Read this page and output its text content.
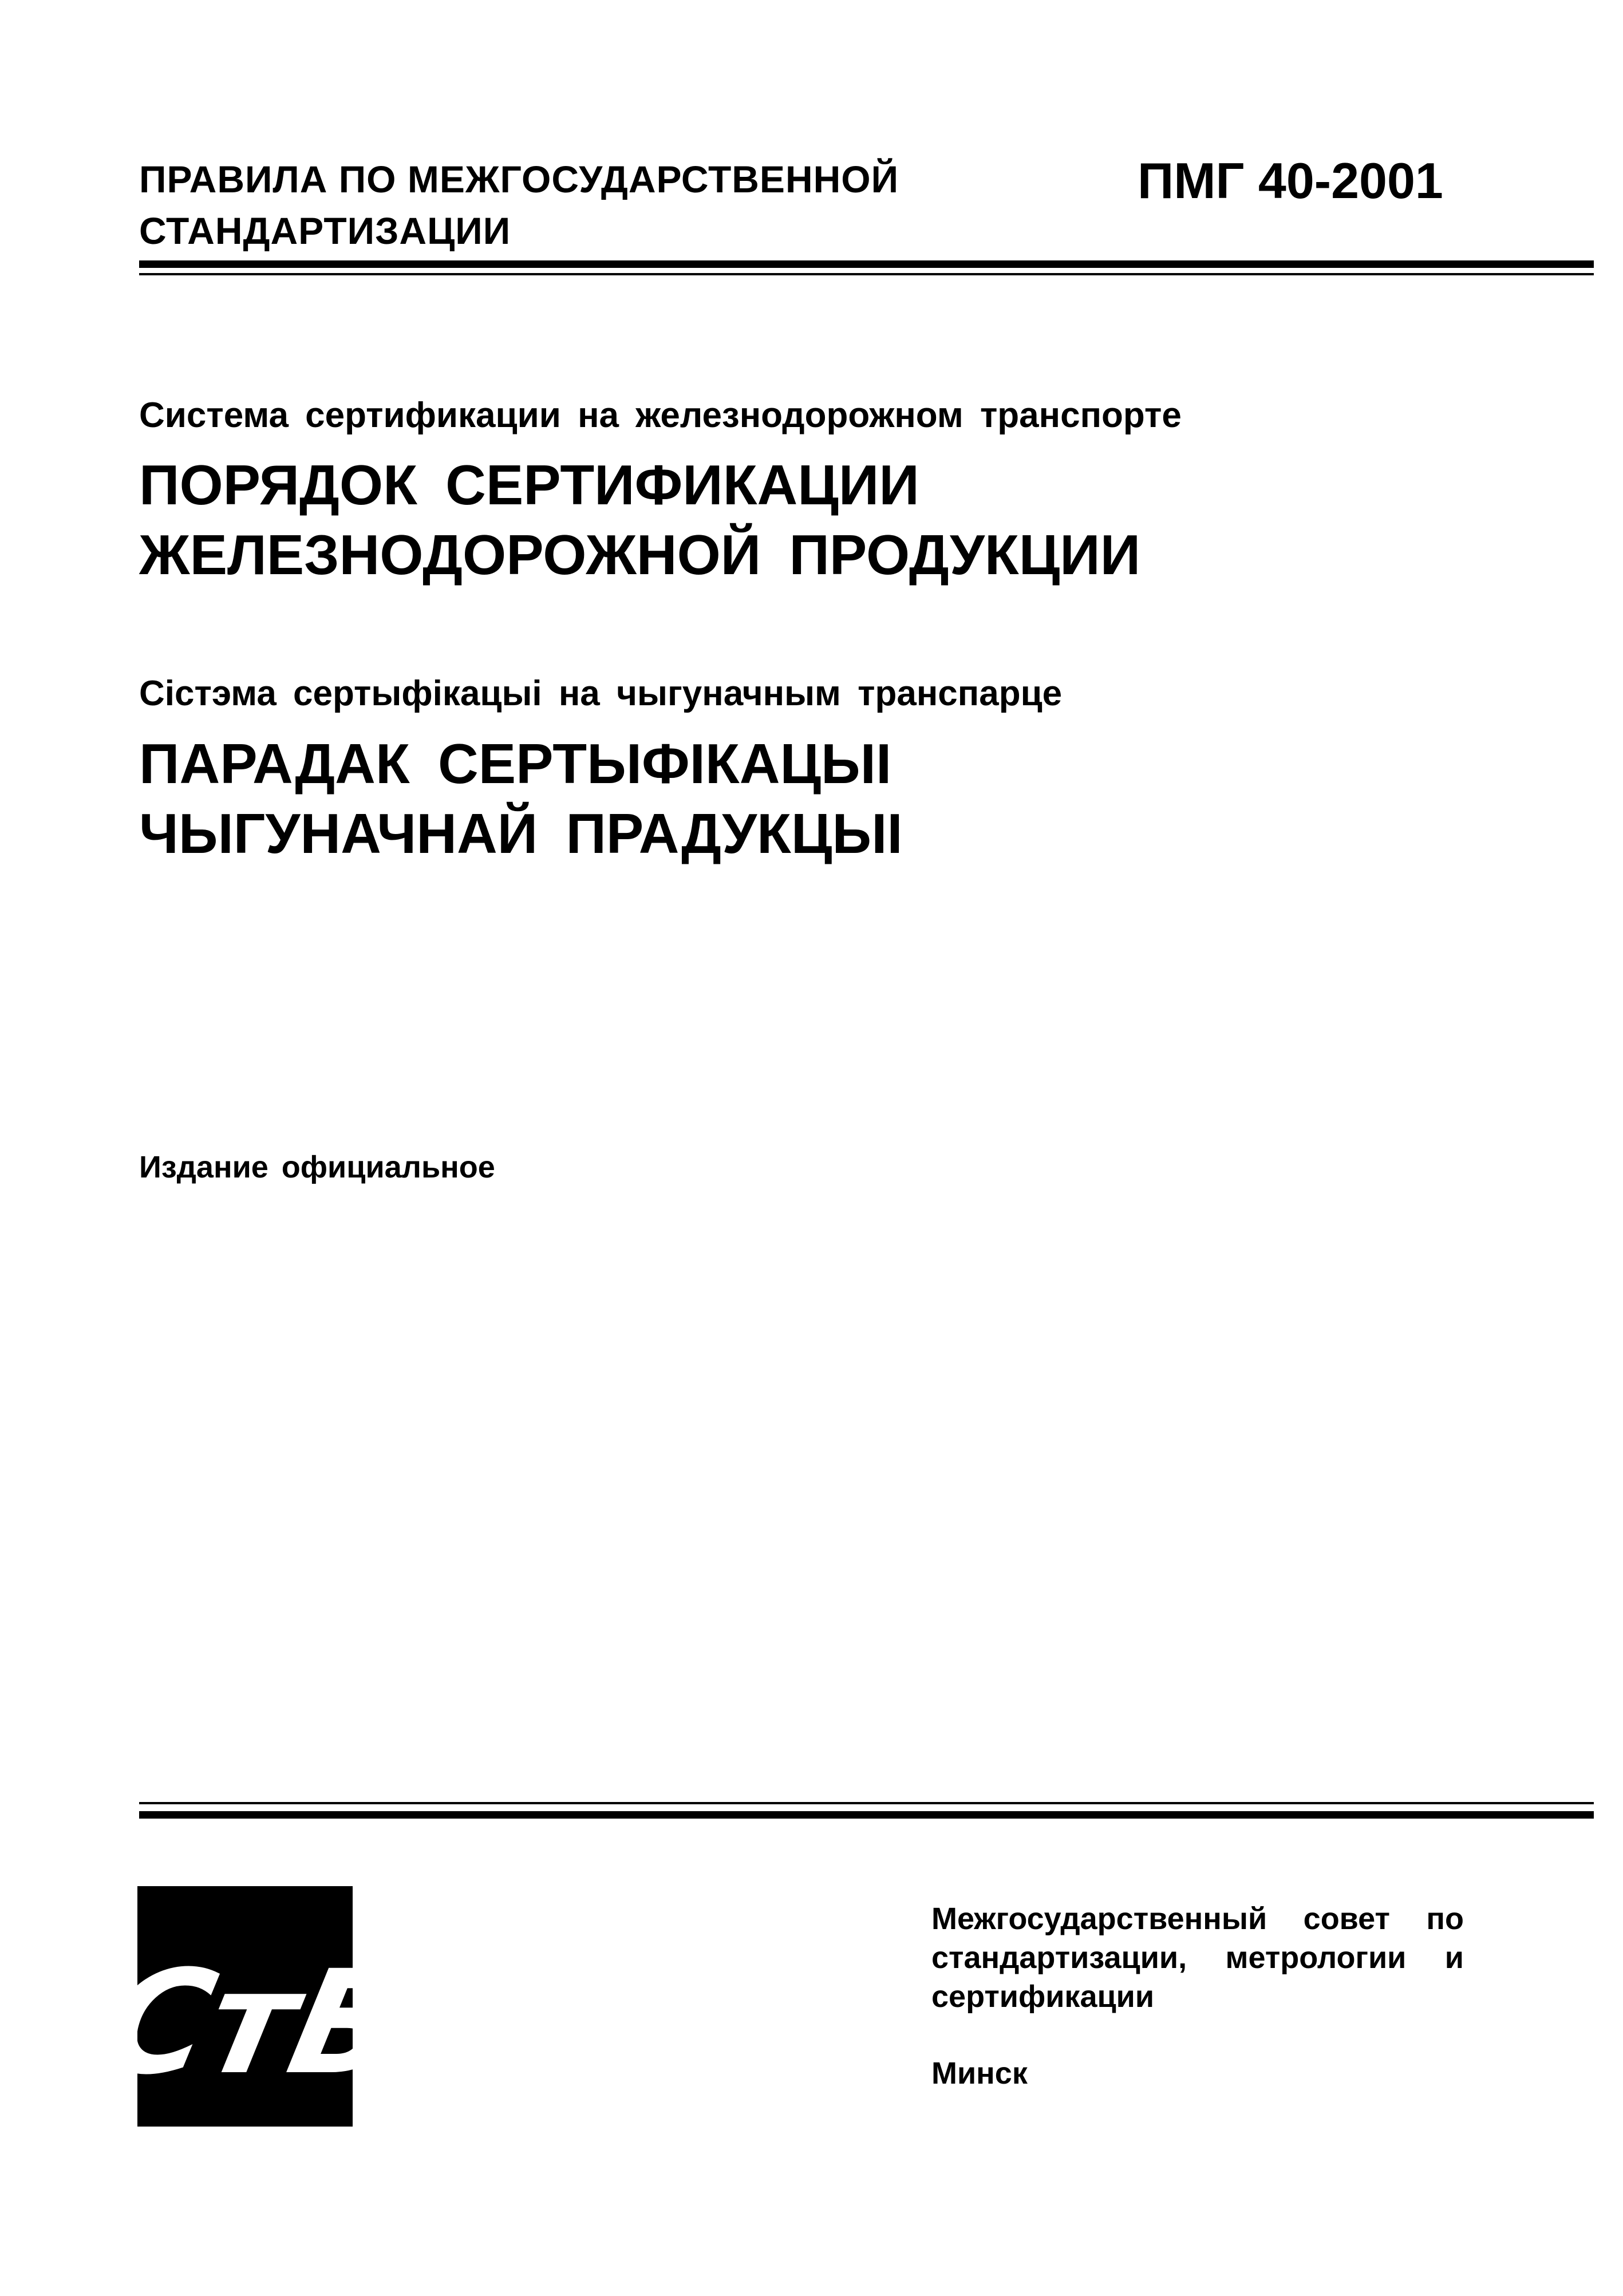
ПРАВИЛА ПО МЕЖГОСУДАРСТВЕННОЙ
СТАНДАРТИЗАЦИИ
ПМГ 40-2001
Система сертификации на железнодорожном транспорте
ПОРЯДОК СЕРТИФИКАЦИИ
ЖЕЛЕЗНОДОРОЖНОЙ ПРОДУКЦИИ
Сістэма сертыфікацыі на чыгуначным транспарце
ПАРАДАК СЕРТЫФІКАЦЫІ
ЧЫГУНАЧНАЙ ПРАДУКЦЫІ
Издание официальное
СтБ
Межгосударственный совет по стандартизации, метрологии и сертификации
Минск
